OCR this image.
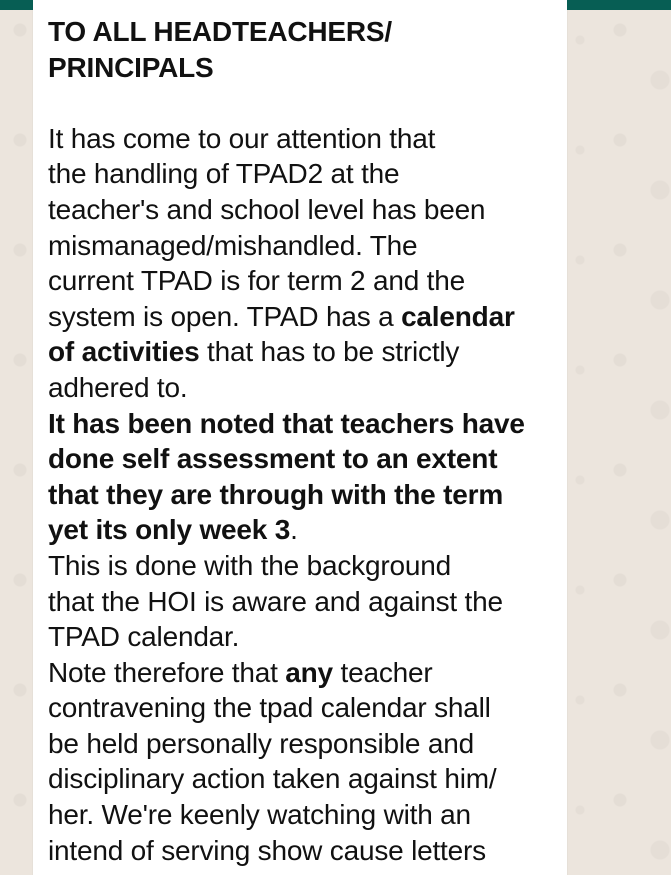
TO ALL HEADTEACHERS/
PRINCIPALS
It has come to our attention that
the handling of TPAD2 at the
teacher's and school level has been
mismanaged/mishandled. The
current TPAD is for term 2 and the
system is open. TPAD has a calendar
of activities that has to be strictly
adhered to.
It has been noted that teachers have
done self assessment to an extent
that they are through with the term
yet its only week 3.
This is done with the background
that the HOI is aware and against the
TPAD calendar.
Note therefore that any teacher
contravening the tpad calendar shall
be held personally responsible and
disciplinary action taken against him/
her. We're keenly watching with an
intend of serving show cause letters
